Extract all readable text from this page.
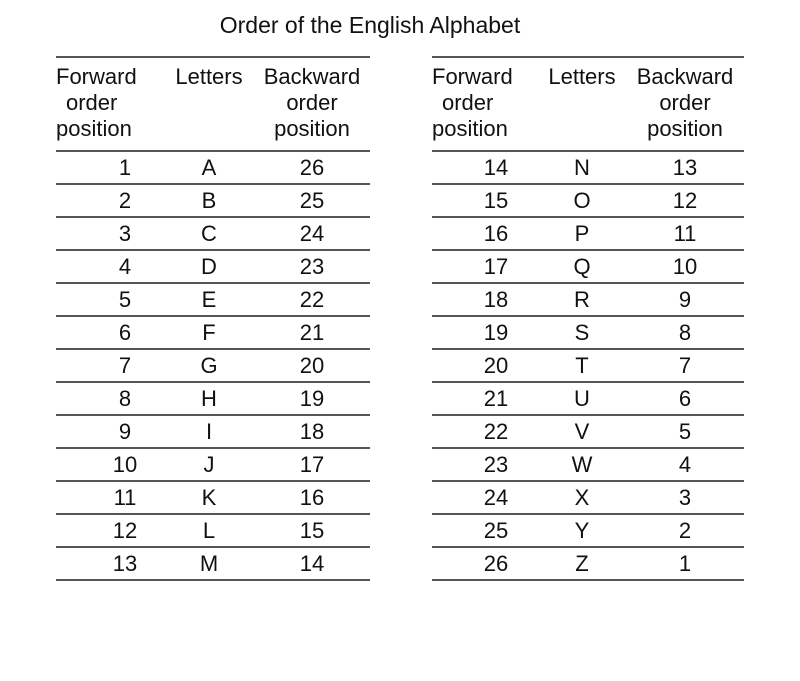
Order of the English Alphabet
Forward
order
position	Letters	Backward
order
position

1	A	26
2	B	25
3	C	24
4	D	23
5	E	22
6	F	21
7	G	20
8	H	19
9	I	18
10	J	17
11	K	16
12	L	15
13	M	14
Forward
order
position	Letters	Backward
order
position

14	N	13
15	O	12
16	P	11
17	Q	10
18	R	9
19	S	8
20	T	7
21	U	6
22	V	5
23	W	4
24	X	3
25	Y	2
26	Z	1
